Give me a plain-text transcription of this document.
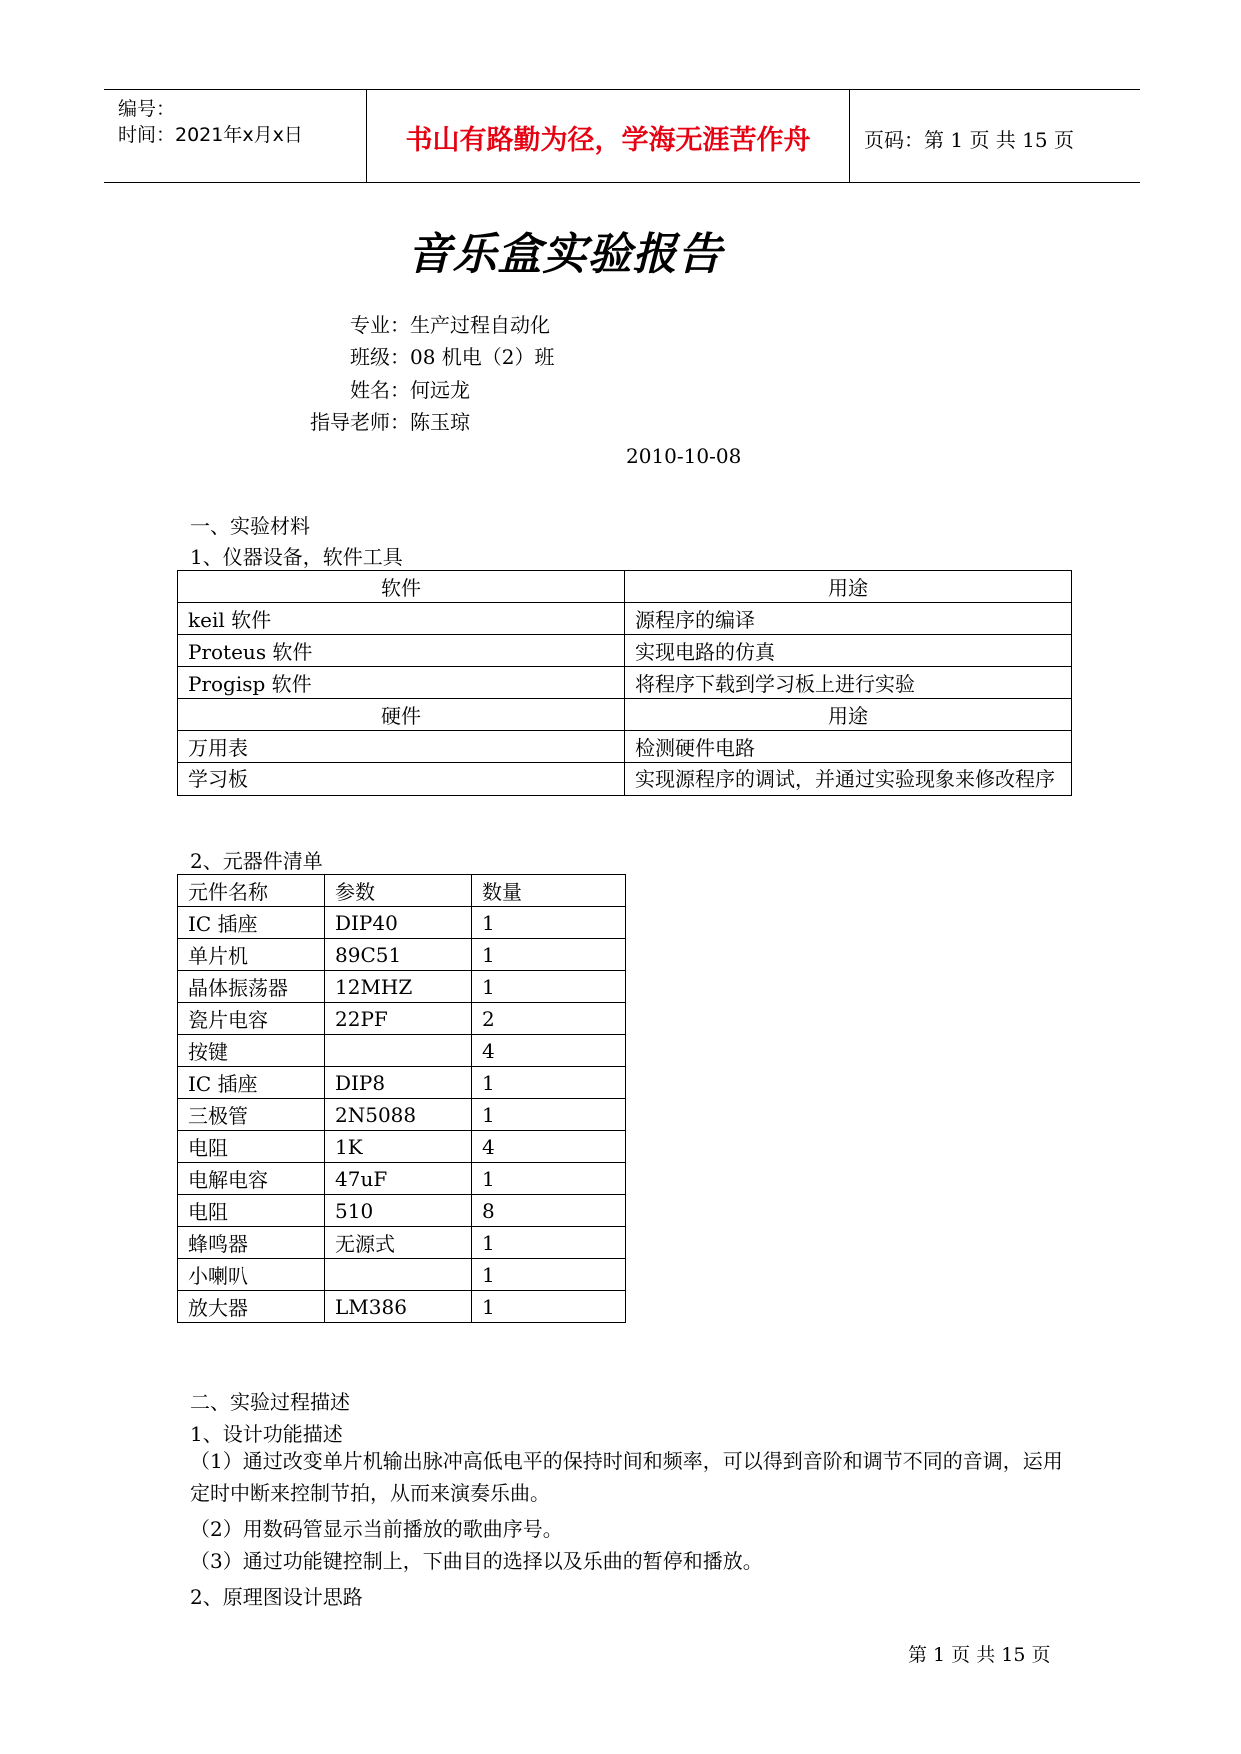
编号：
时间：2021年x月x日	书山有路勤为径，学海无涯苦作舟	页码：第 1 页 共 15 页
音乐盒实验报告
专业：生产过程自动化
班级：08 机电（2）班
姓名：何远龙
指导老师：陈玉琼
2010-10-08
一、实验材料
1、仪器设备，软件工具
软件	用途
keil 软件	源程序的编译
Proteus 软件	实现电路的仿真
Progisp 软件	将程序下载到学习板上进行实验
硬件	用途
万用表	检测硬件电路
学习板	实现源程序的调试，并通过实验现象来修改程序
2、元器件清单
元件名称	参数	数量
IC 插座	DIP40	1
单片机	89C51	1
晶体振荡器	12MHZ	1
瓷片电容	22PF	2
按键		4
IC 插座	DIP8	1
三极管	2N5088	1
电阻	1K	4
电解电容	47uF	1
电阻	510	8
蜂鸣器	无源式	1
小喇叭		1
放大器	LM386	1
二、实验过程描述
1、设计功能描述
（1）通过改变单片机输出脉冲高低电平的保持时间和频率，可以得到音阶和调节不同的音调，运用定时中断来控制节拍，从而来演奏乐曲。
（2）用数码管显示当前播放的歌曲序号。
（3）通过功能键控制上，下曲目的选择以及乐曲的暂停和播放。
2、原理图设计思路
第 1 页 共 15 页
